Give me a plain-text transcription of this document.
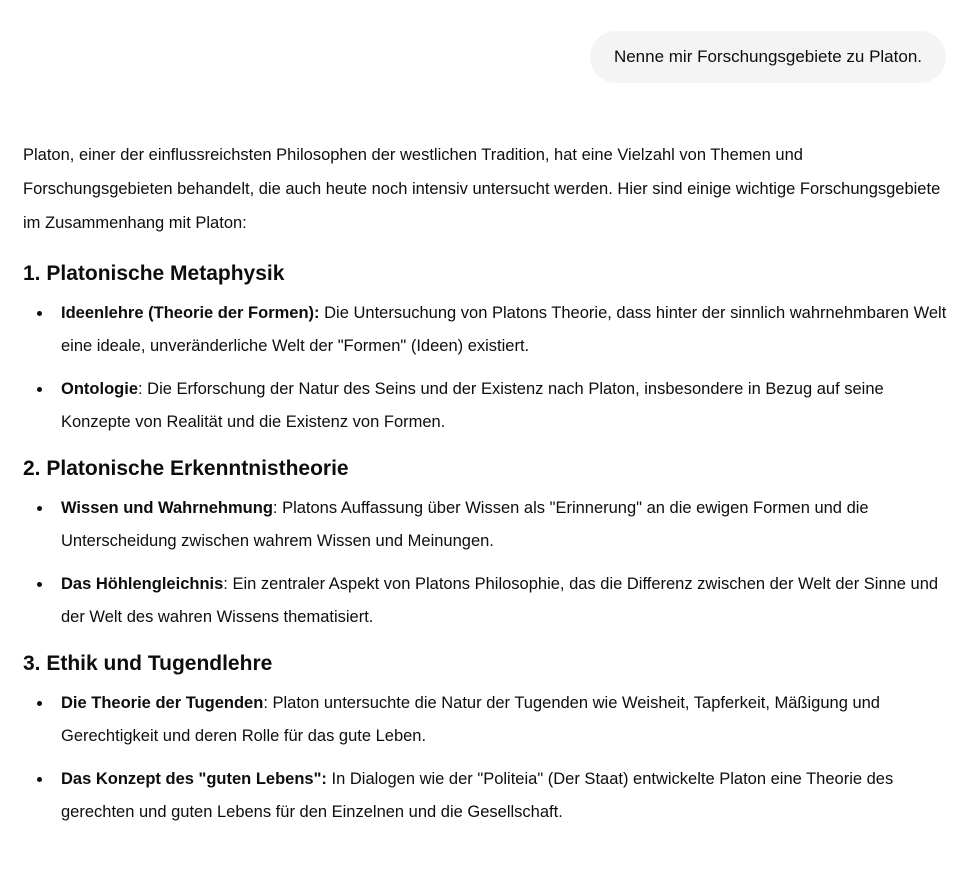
Nenne mir Forschungsgebiete zu Platon.

Platon, einer der einflussreichsten Philosophen der westlichen Tradition, hat eine Vielzahl von Themen und Forschungsgebieten behandelt, die auch heute noch intensiv untersucht werden. Hier sind einige wichtige Forschungsgebiete im Zusammenhang mit Platon:

1. Platonische Metaphysik
Ideenlehre (Theorie der Formen): Die Untersuchung von Platons Theorie, dass hinter der sinnlich wahrnehmbaren Welt eine ideale, unveränderliche Welt der "Formen" (Ideen) existiert.
Ontologie: Die Erforschung der Natur des Seins und der Existenz nach Platon, insbesondere in Bezug auf seine Konzepte von Realität und die Existenz von Formen.
2. Platonische Erkenntnistheorie
Wissen und Wahrnehmung: Platons Auffassung über Wissen als "Erinnerung" an die ewigen Formen und die Unterscheidung zwischen wahrem Wissen und Meinungen.
Das Höhlengleichnis: Ein zentraler Aspekt von Platons Philosophie, das die Differenz zwischen der Welt der Sinne und der Welt des wahren Wissens thematisiert.
3. Ethik und Tugendlehre
Die Theorie der Tugenden: Platon untersuchte die Natur der Tugenden wie Weisheit, Tapferkeit, Mäßigung und Gerechtigkeit und deren Rolle für das gute Leben.
Das Konzept des "guten Lebens": In Dialogen wie der "Politeia" (Der Staat) entwickelte Platon eine Theorie des gerechten und guten Lebens für den Einzelnen und die Gesellschaft.
